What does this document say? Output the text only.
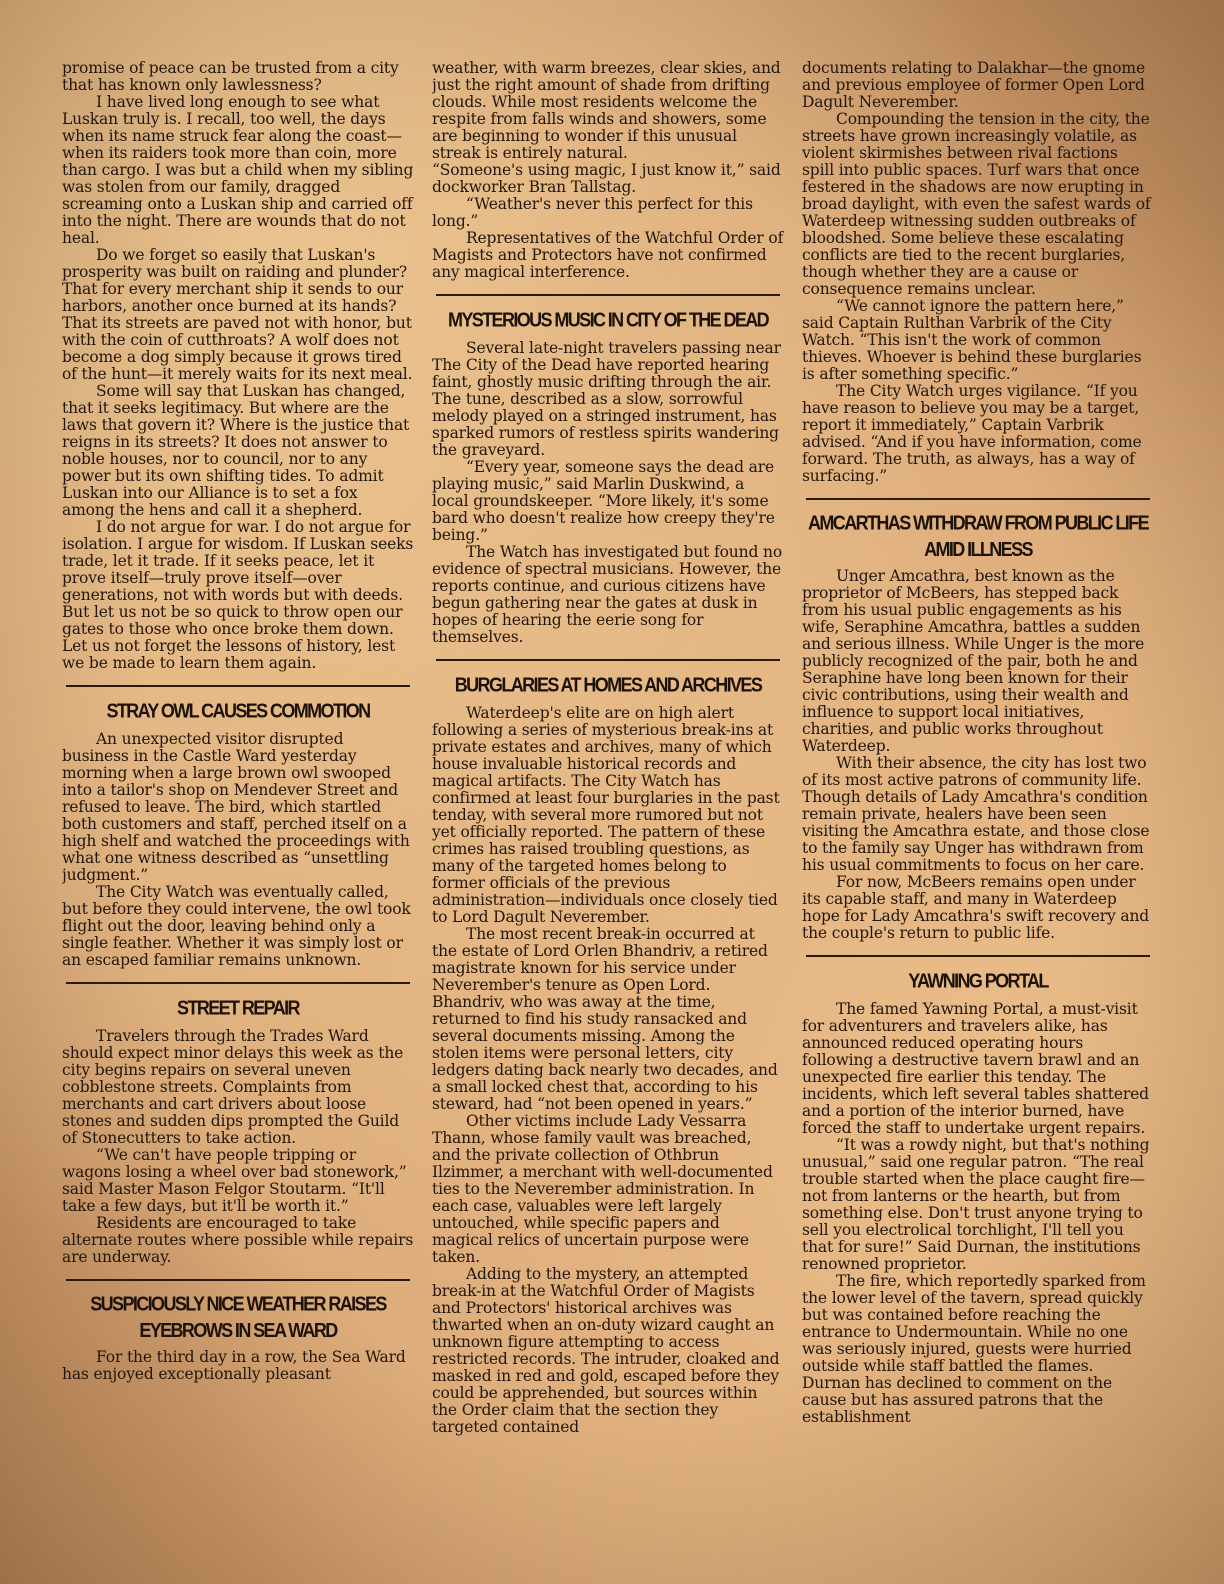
promise of peace can be trusted from a city that has known only lawlessness?

I have lived long enough to see what Luskan truly is. I recall, too well, the days when its name struck fear along the coast—when its raiders took more than coin, more than cargo. I was but a child when my sibling was stolen from our family, dragged screaming onto a Luskan ship and carried off into the night. There are wounds that do not heal.

Do we forget so easily that Luskan's prosperity was built on raiding and plunder? That for every merchant ship it sends to our harbors, another once burned at its hands? That its streets are paved not with honor, but with the coin of cutthroats? A wolf does not become a dog simply because it grows tired of the hunt—it merely waits for its next meal.

Some will say that Luskan has changed, that it seeks legitimacy. But where are the laws that govern it? Where is the justice that reigns in its streets? It does not answer to noble houses, nor to council, nor to any power but its own shifting tides. To admit Luskan into our Alliance is to set a fox among the hens and call it a shepherd.

I do not argue for war. I do not argue for isolation. I argue for wisdom. If Luskan seeks trade, let it trade. If it seeks peace, let it prove itself—truly prove itself—over generations, not with words but with deeds. But let us not be so quick to throw open our gates to those who once broke them down. Let us not forget the lessons of history, lest we be made to learn them again.

STRAY OWL CAUSES COMMOTION

An unexpected visitor disrupted business in the Castle Ward yesterday morning when a large brown owl swooped into a tailor's shop on Mendever Street and refused to leave. The bird, which startled both customers and staff, perched itself on a high shelf and watched the proceedings with what one witness described as “unsettling judgment.”

The City Watch was eventually called, but before they could intervene, the owl took flight out the door, leaving behind only a single feather. Whether it was simply lost or an escaped familiar remains unknown.

STREET REPAIR

Travelers through the Trades Ward should expect minor delays this week as the city begins repairs on several uneven cobblestone streets. Complaints from merchants and cart drivers about loose stones and sudden dips prompted the Guild of Stonecutters to take action.

“We can't have people tripping or wagons losing a wheel over bad stonework,” said Master Mason Felgor Stoutarm. “It'll take a few days, but it'll be worth it.”

Residents are encouraged to take alternate routes where possible while repairs are underway.

SUSPICIOUSLY NICE WEATHER RAISES EYEBROWS IN SEA WARD

For the third day in a row, the Sea Ward has enjoyed exceptionally pleasant

weather, with warm breezes, clear skies, and just the right amount of shade from drifting clouds. While most residents welcome the respite from falls winds and showers, some are beginning to wonder if this unusual streak is entirely natural.

“Someone's using magic, I just know it,” said dockworker Bran Tallstag.

“Weather's never this perfect for this long.”

Representatives of the Watchful Order of Magists and Protectors have not confirmed any magical interference.

MYSTERIOUS MUSIC IN CITY OF THE DEAD

Several late-night travelers passing near The City of the Dead have reported hearing faint, ghostly music drifting through the air. The tune, described as a slow, sorrowful melody played on a stringed instrument, has sparked rumors of restless spirits wandering the graveyard.

“Every year, someone says the dead are playing music,” said Marlin Duskwind, a local groundskeeper. “More likely, it's some bard who doesn't realize how creepy they're being.”

The Watch has investigated but found no evidence of spectral musicians. However, the reports continue, and curious citizens have begun gathering near the gates at dusk in hopes of hearing the eerie song for themselves.

BURGLARIES AT HOMES AND ARCHIVES

Waterdeep's elite are on high alert following a series of mysterious break-ins at private estates and archives, many of which house invaluable historical records and magical artifacts. The City Watch has confirmed at least four burglaries in the past tenday, with several more rumored but not yet officially reported. The pattern of these crimes has raised troubling questions, as many of the targeted homes belong to former officials of the previous administration—individuals once closely tied to Lord Dagult Neverember.

The most recent break-in occurred at the estate of Lord Orlen Bhandriv, a retired magistrate known for his service under Neverember's tenure as Open Lord. Bhandriv, who was away at the time, returned to find his study ransacked and several documents missing. Among the stolen items were personal letters, city ledgers dating back nearly two decades, and a small locked chest that, according to his steward, had “not been opened in years.”

Other victims include Lady Vessarra Thann, whose family vault was breached, and the private collection of Othbrun Ilzimmer, a merchant with well-documented ties to the Neverember administration. In each case, valuables were left largely untouched, while specific papers and magical relics of uncertain purpose were taken.

Adding to the mystery, an attempted break-in at the Watchful Order of Magists and Protectors' historical archives was thwarted when an on-duty wizard caught an unknown figure attempting to access restricted records. The intruder, cloaked and masked in red and gold, escaped before they could be apprehended, but sources within the Order claim that the section they targeted contained

documents relating to Dalakhar—the gnome and previous employee of former Open Lord Dagult Neverember.

Compounding the tension in the city, the streets have grown increasingly volatile, as violent skirmishes between rival factions spill into public spaces. Turf wars that once festered in the shadows are now erupting in broad daylight, with even the safest wards of Waterdeep witnessing sudden outbreaks of bloodshed. Some believe these escalating conflicts are tied to the recent burglaries, though whether they are a cause or consequence remains unclear.

“We cannot ignore the pattern here,” said Captain Rulthan Varbrik of the City Watch. “This isn't the work of common thieves. Whoever is behind these burglaries is after something specific.”

The City Watch urges vigilance. “If you have reason to believe you may be a target, report it immediately,” Captain Varbrik advised. “And if you have information, come forward. The truth, as always, has a way of surfacing.”

AMCARTHAS WITHDRAW FROM PUBLIC LIFE AMID ILLNESS

Unger Amcathra, best known as the proprietor of McBeers, has stepped back from his usual public engagements as his wife, Seraphine Amcathra, battles a sudden and serious illness. While Unger is the more publicly recognized of the pair, both he and Seraphine have long been known for their civic contributions, using their wealth and influence to support local initiatives, charities, and public works throughout Waterdeep.

With their absence, the city has lost two of its most active patrons of community life. Though details of Lady Amcathra's condition remain private, healers have been seen visiting the Amcathra estate, and those close to the family say Unger has withdrawn from his usual commitments to focus on her care.

For now, McBeers remains open under its capable staff, and many in Waterdeep hope for Lady Amcathra's swift recovery and the couple's return to public life.

YAWNING PORTAL

The famed Yawning Portal, a must-visit for adventurers and travelers alike, has announced reduced operating hours following a destructive tavern brawl and an unexpected fire earlier this tenday. The incidents, which left several tables shattered and a portion of the interior burned, have forced the staff to undertake urgent repairs.

“It was a rowdy night, but that's nothing unusual,” said one regular patron. “The real trouble started when the place caught fire—not from lanterns or the hearth, but from something else. Don't trust anyone trying to sell you electrolical torchlight, I'll tell you that for sure!” Said Durnan, the institutions renowned proprietor.

The fire, which reportedly sparked from the lower level of the tavern, spread quickly but was contained before reaching the entrance to Undermountain. While no one was seriously injured, guests were hurried outside while staff battled the flames. Durnan has declined to comment on the cause but has assured patrons that the establishment
